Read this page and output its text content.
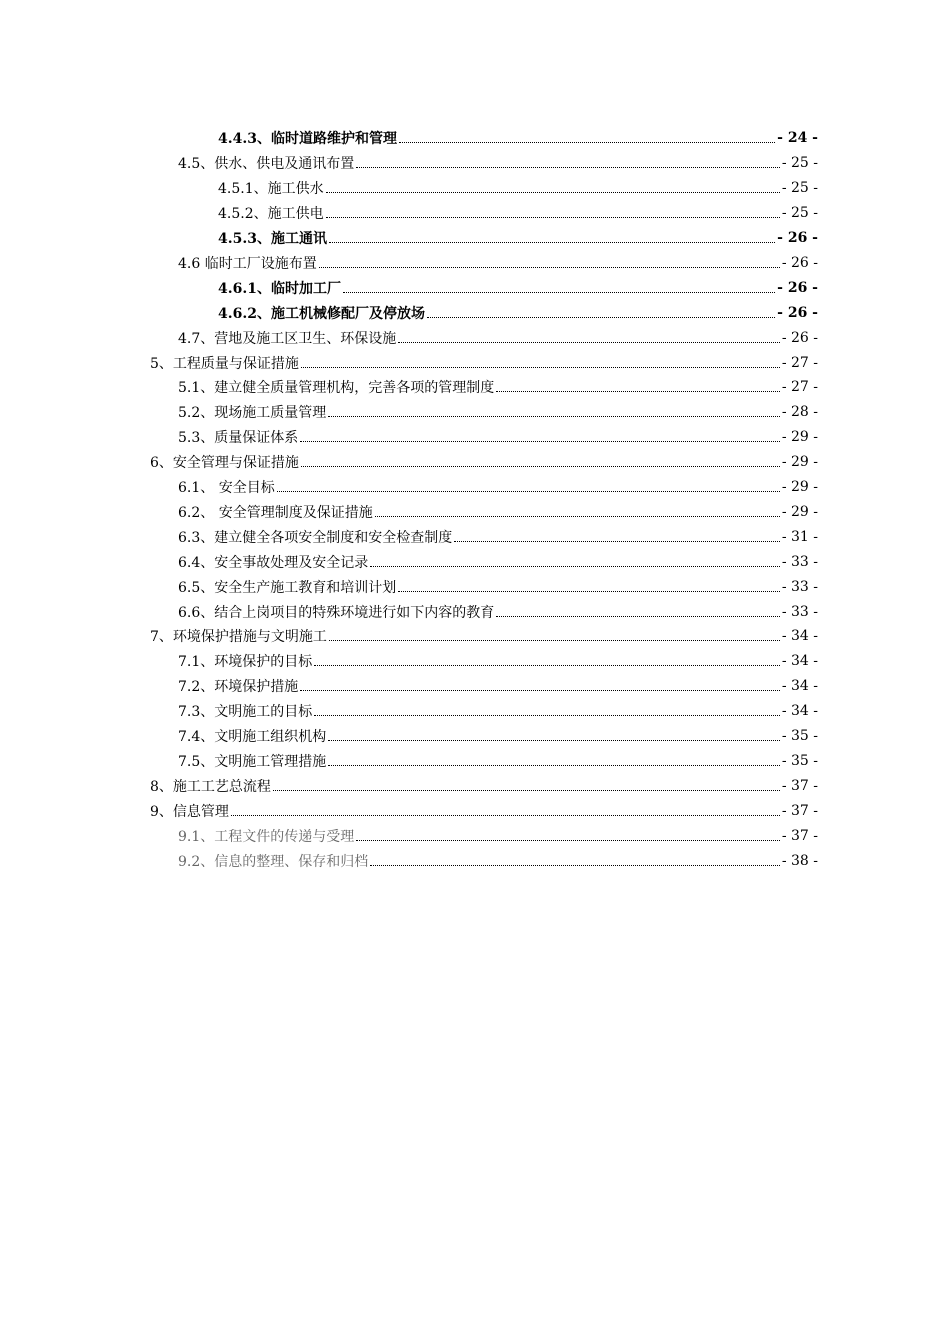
4.4.3、临时道路维护和管理	- 24 -
4.5、供水、供电及通讯布置	- 25 -
4.5.1、施工供水	- 25 -
4.5.2、施工供电	- 25 -
4.5.3、施工通讯	- 26 -
4.6 临时工厂设施布置	- 26 -
4.6.1、临时加工厂	- 26 -
4.6.2、施工机械修配厂及停放场	- 26 -
4.7、营地及施工区卫生、环保设施	- 26 -
5、工程质量与保证措施	- 27 -
5.1、建立健全质量管理机构，完善各项的管理制度	- 27 -
5.2、现场施工质量管理	- 28 -
5.3、质量保证体系	- 29 -
6、安全管理与保证措施	- 29 -
6.1、 安全目标	- 29 -
6.2、 安全管理制度及保证措施	- 29 -
6.3、建立健全各项安全制度和安全检查制度	- 31 -
6.4、安全事故处理及安全记录	- 33 -
6.5、安全生产施工教育和培训计划	- 33 -
6.6、结合上岗项目的特殊环境进行如下内容的教育	- 33 -
7、环境保护措施与文明施工	- 34 -
7.1、环境保护的目标	- 34 -
7.2、环境保护措施	- 34 -
7.3、文明施工的目标	- 34 -
7.4、文明施工组织机构	- 35 -
7.5、文明施工管理措施	- 35 -
8、施工工艺总流程	- 37 -
9、信息管理	- 37 -
9.1、工程文件的传递与受理	- 37 -
9.2、信息的整理、保存和归档	- 38 -
